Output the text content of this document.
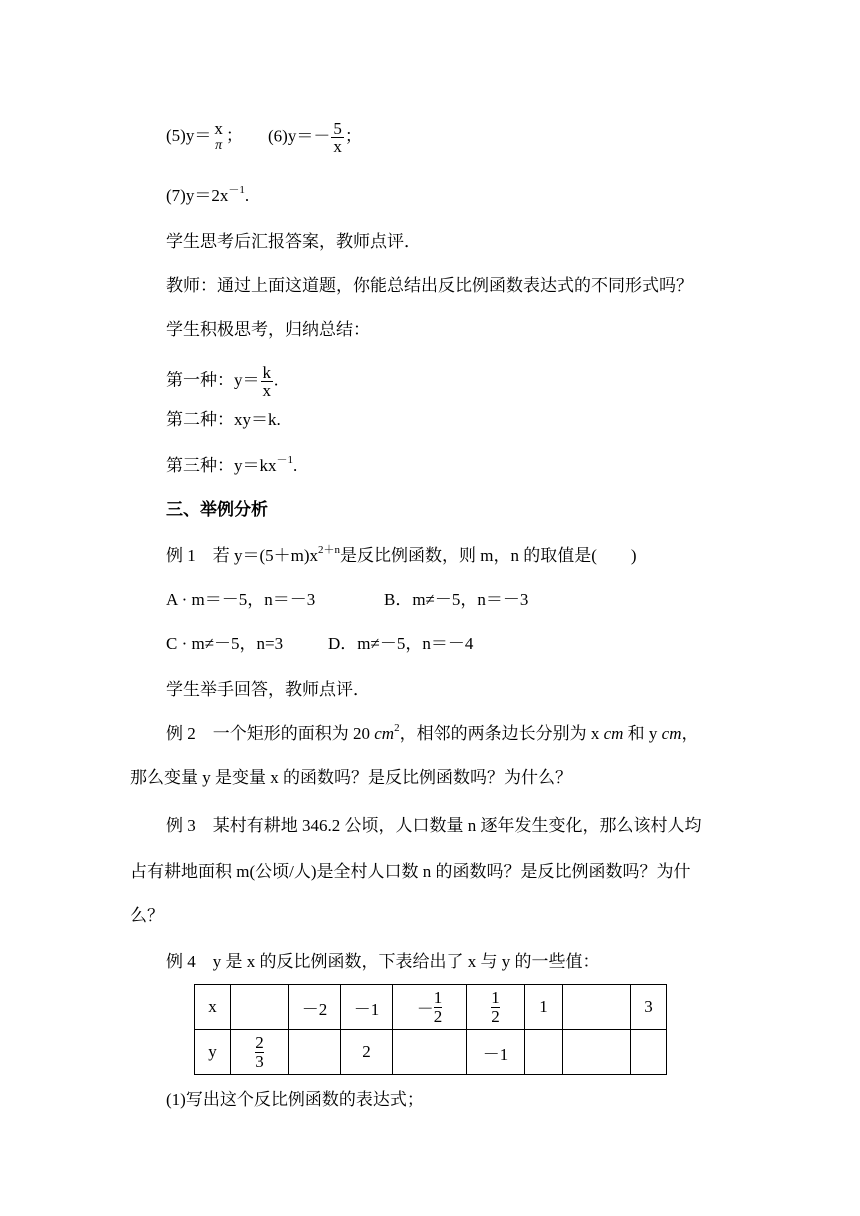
(5)y＝ x
π
； $(6)y=- \frac{5}{x}$ ；
$(7)y=2x^{-1}$.
学生思考后汇报答案，教师点评．
教师：通过上面这道题，你能总结出反比例函数表达式的不同形式吗？
学生积极思考，归纳总结：
第一种：$y= \frac{k}{x}$ .
第二种：xy＝k.
第三种：$y=kx^{-1}$.
三、举例分析
例 1　若 $y=(5+m)x^{2+n}$是反比例函数，则 m，n 的取值是(　　)
A · m＝－5，n＝－3	B．m≠－5，n＝－3
C · m≠－5，n=3	D．m≠－5，n＝－4
学生举手回答，教师点评．
例 2　一个矩形的面积为 20 $cm^2$，相邻的两条边长分别为 x cm 和 y cm，
那么变量 y 是变量 x 的函数吗？是反比例函数吗？为什么？
例 3　某村有耕地 346.2 公顷，人口数量 n 逐年发生变化，那么该村人均
占有耕地面积 m(公顷/人)是全村人口数 n 的函数吗？是反比例函数吗？为什
么？
例 4　y 是 x 的反比例函数，下表给出了 x 与 y 的一些值：
x		－2	－1	－ $\frac{1}{2}$	$\frac{1}{2}$	1		3
y	$\frac{2}{3}$		2		－1			
(1)写出这个反比例函数的表达式；
